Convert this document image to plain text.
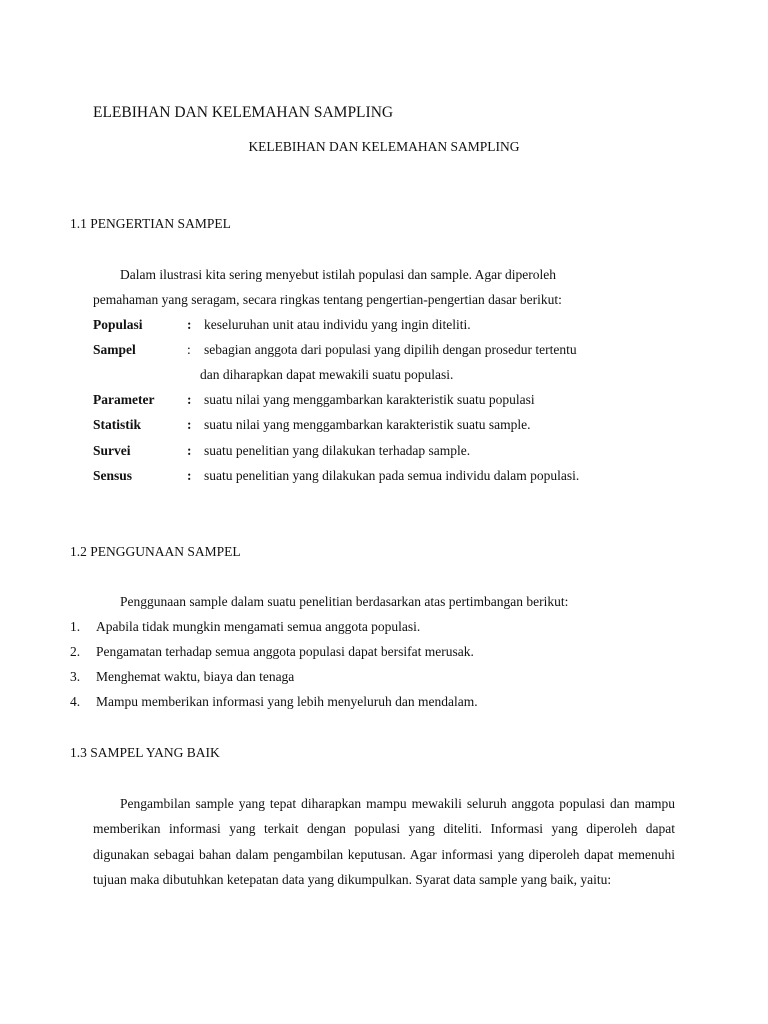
ELEBIHAN DAN KELEMAHAN SAMPLING
KELEBIHAN DAN KELEMAHAN SAMPLING
1.1 PENGERTIAN SAMPEL
Dalam ilustrasi kita sering menyebut istilah populasi dan sample. Agar diperoleh
pemahaman yang seragam, secara ringkas tentang pengertian-pengertian dasar berikut:
Populasi	: keseluruhan unit atau individu yang ingin diteliti.
Sampel	: sebagian anggota dari populasi yang dipilih dengan prosedur tertentu
dan diharapkan dapat mewakili suatu populasi.
Parameter : suatu nilai yang menggambarkan karakteristik suatu populasi
Statistik	: suatu nilai yang menggambarkan karakteristik suatu sample.
Survei	: suatu penelitian yang dilakukan terhadap sample.
Sensus	: suatu penelitian yang dilakukan pada semua individu dalam populasi.
1.2 PENGGUNAAN SAMPEL
Penggunaan sample dalam suatu penelitian berdasarkan atas pertimbangan berikut:
1. Apabila tidak mungkin mengamati semua anggota populasi.
2. Pengamatan terhadap semua anggota populasi dapat bersifat merusak.
3. Menghemat waktu, biaya dan tenaga
4. Mampu memberikan informasi yang lebih menyeluruh dan mendalam.
1.3 SAMPEL YANG BAIK
Pengambilan sample yang tepat diharapkan mampu mewakili seluruh anggota populasi dan mampu memberikan informasi yang terkait dengan populasi yang diteliti. Informasi yang diperoleh dapat digunakan sebagai bahan dalam pengambilan keputusan. Agar informasi yang diperoleh dapat memenuhi tujuan maka dibutuhkan ketepatan data yang dikumpulkan. Syarat data sample yang baik, yaitu:
